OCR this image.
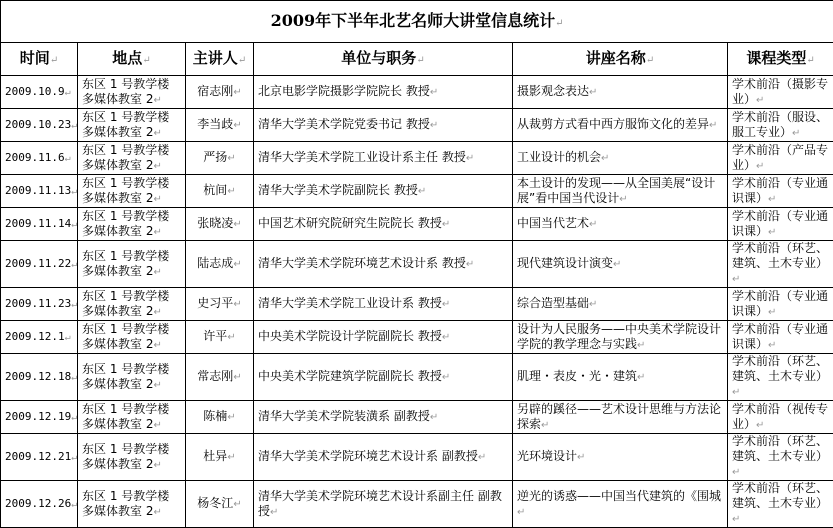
2009年下半年北艺名师大讲堂信息统计 ↵
时间 ↵	地点 ↵	主讲人 ↵	单位与职务 ↵	讲座名称 ↵	课程类型 ↵
2009.10.9 ↵	东区 1 号教学楼多媒体教室 2 ↵	宿志刚 ↵	北京电影学院摄影学院院长 教授 ↵	摄影观念表达 ↵	学术前沿（摄影专业） ↵
2009.10.23 ↵	东区 1 号教学楼多媒体教室 2 ↵	李当歧 ↵	清华大学美术学院党委书记 教授 ↵	从裁剪方式看中西方服饰文化的差异 ↵	学术前沿（服设、服工专业） ↵
2009.11.6 ↵	东区 1 号教学楼多媒体教室 2 ↵	严扬 ↵	清华大学美术学院工业设计系主任 教授 ↵	工业设计的机会 ↵	学术前沿（产品专业） ↵
2009.11.13 ↵	东区 1 号教学楼多媒体教室 2 ↵	杭间 ↵	清华大学美术学院副院长 教授 ↵	本土设计的发现——从全国美展“设计展”看中国当代设计 ↵	学术前沿（专业通识课） ↵
2009.11.14 ↵	东区 1 号教学楼多媒体教室 2 ↵	张晓凌 ↵	中国艺术研究院研究生院院长 教授 ↵	中国当代艺术 ↵	学术前沿（专业通识课） ↵
2009.11.22 ↵	东区 1 号教学楼多媒体教室 2 ↵	陆志成 ↵	清华大学美术学院环境艺术设计系 教授 ↵	现代建筑设计演变 ↵	学术前沿（环艺、建筑、土木专业） ↵
2009.11.23 ↵	东区 1 号教学楼多媒体教室 2 ↵	史习平 ↵	清华大学美术学院工业设计系 教授 ↵	综合造型基础 ↵	学术前沿（专业通识课） ↵
2009.12.1 ↵	东区 1 号教学楼多媒体教室 2 ↵	许平 ↵	中央美术学院设计学院副院长 教授 ↵	设计为人民服务——中央美术学院设计学院的教学理念与实践 ↵	学术前沿（专业通识课） ↵
2009.12.18 ↵	东区 1 号教学楼多媒体教室 2 ↵	常志刚 ↵	中央美术学院建筑学院副院长 教授 ↵	肌理・表皮・光・建筑 ↵	学术前沿（环艺、建筑、土木专业） ↵
2009.12.19 ↵	东区 1 号教学楼多媒体教室 2 ↵	陈楠 ↵	清华大学美术学院装潢系 副教授 ↵	另辟的蹊径——艺术设计思维与方法论探索 ↵	学术前沿（视传专业） ↵
2009.12.21 ↵	东区 1 号教学楼多媒体教室 2 ↵	杜异 ↵	清华大学美术学院环境艺术设计系 副教授 ↵	光环境设计 ↵	学术前沿（环艺、建筑、土木专业） ↵
2009.12.26 ↵	东区 1 号教学楼多媒体教室 2 ↵	杨冬江 ↵	清华大学美术学院环境艺术设计系副主任 副教授 ↵	逆光的诱惑——中国当代建筑的《围城 ↵	学术前沿（环艺、建筑、土木专业） ↵
